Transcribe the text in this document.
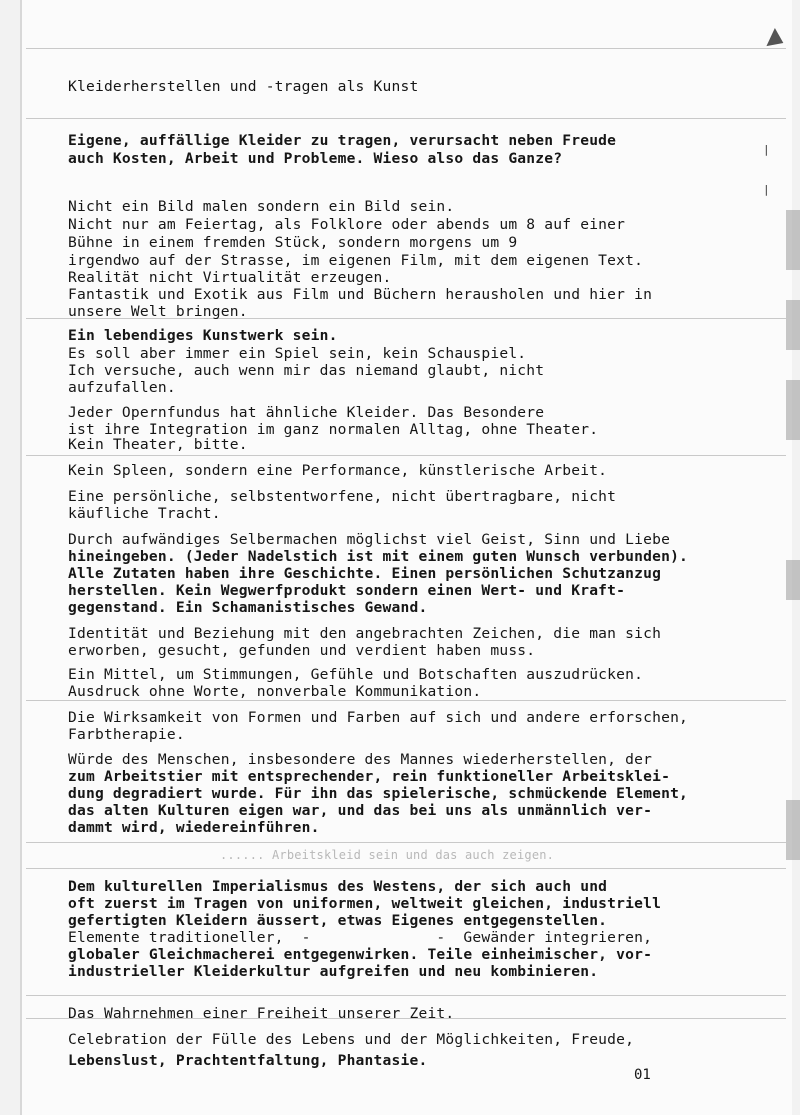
|
|
Kleiderherstellen und -tragen als Kunst
Eigene, auffällige Kleider zu tragen, verursacht neben Freude
auch Kosten, Arbeit und Probleme. Wieso also das Ganze?
Nicht ein Bild malen sondern ein Bild sein.
Nicht nur am Feiertag, als Folklore oder abends um 8 auf einer
Bühne in einem fremden Stück, sondern morgens um 9
irgendwo auf der Strasse, im eigenen Film, mit dem eigenen Text.
Realität nicht Virtualität erzeugen.
Fantastik und Exotik aus Film und Büchern herausholen und hier in
unsere Welt bringen.
Ein lebendiges Kunstwerk sein.
Es soll aber immer ein Spiel sein, kein Schauspiel.
Ich versuche, auch wenn mir das niemand glaubt, nicht
aufzufallen.
Jeder Opernfundus hat ähnliche Kleider. Das Besondere
ist ihre Integration im ganz normalen Alltag, ohne Theater.
Kein Theater, bitte.
Kein Spleen, sondern eine Performance, künstlerische Arbeit.
Eine persönliche, selbstentworfene, nicht übertragbare, nicht
käufliche Tracht.
Durch aufwändiges Selbermachen möglichst viel Geist, Sinn und Liebe
hineingeben. (Jeder Nadelstich ist mit einem guten Wunsch verbunden).
Alle Zutaten haben ihre Geschichte. Einen persönlichen Schutzanzug
herstellen. Kein Wegwerfprodukt sondern einen Wert- und Kraft-
gegenstand. Ein Schamanistisches Gewand.
Identität und Beziehung mit den angebrachten Zeichen, die man sich
erworben, gesucht, gefunden und verdient haben muss.
Ein Mittel, um Stimmungen, Gefühle und Botschaften auszudrücken.
Ausdruck ohne Worte, nonverbale Kommunikation.
Die Wirksamkeit von Formen und Farben auf sich und andere erforschen,
Farbtherapie.
Würde des Menschen, insbesondere des Mannes wiederherstellen, der
zum Arbeitstier mit entsprechender, rein funktioneller Arbeitsklei-
dung degradiert wurde. Für ihn das spielerische, schmückende Element,
das alten Kulturen eigen war, und das bei uns als unmännlich ver-
dammt wird, wiedereinführen.
...... Arbeitskleid sein und das auch zeigen.
Dem kulturellen Imperialismus des Westens, der sich auch und
oft zuerst im Tragen von uniformen, weltweit gleichen, industriell
gefertigten Kleidern äussert, etwas Eigenes entgegenstellen.
Elemente traditioneller,  -              -  Gewänder integrieren,
globaler Gleichmacherei entgegenwirken. Teile einheimischer, vor-
industrieller Kleiderkultur aufgreifen und neu kombinieren.
Das Wahrnehmen einer Freiheit unserer Zeit.
Celebration der Fülle des Lebens und der Möglichkeiten, Freude,
Lebenslust, Prachtentfaltung, Phantasie.
01
